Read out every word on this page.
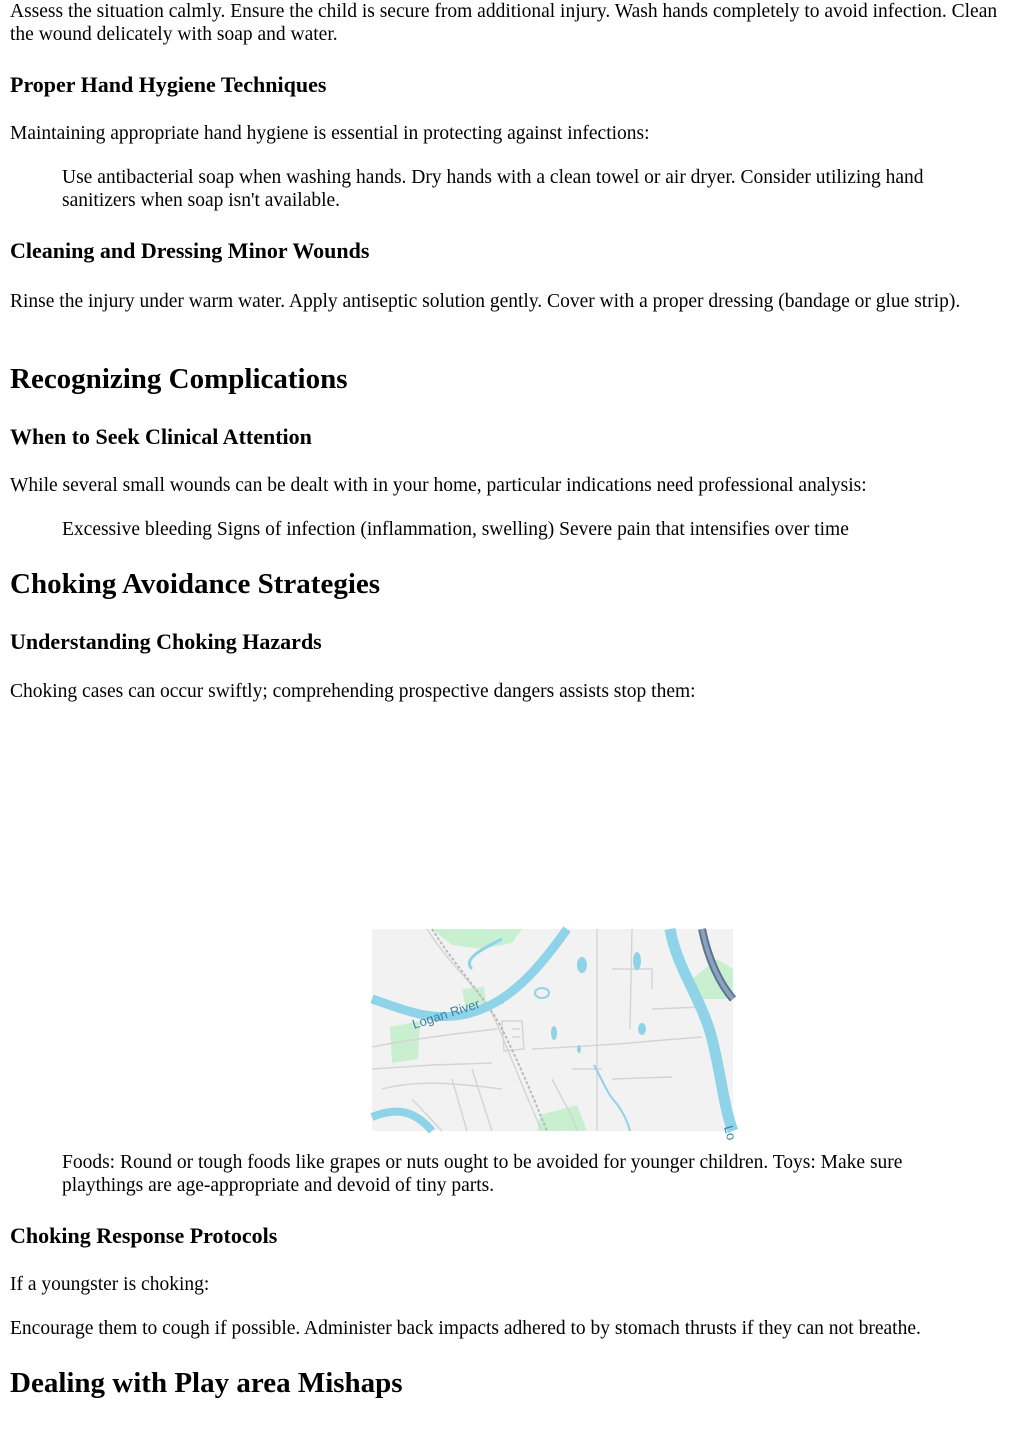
Assess the situation calmly. Ensure the child is secure from additional injury. Wash hands completely to avoid infection. Clean the wound delicately with soap and water.

Proper Hand Hygiene Techniques

Maintaining appropriate hand hygiene is essential in protecting against infections:

Use antibacterial soap when washing hands. Dry hands with a clean towel or air dryer. Consider utilizing hand sanitizers when soap isn't available.
Cleaning and Dressing Minor Wounds

Rinse the injury under warm water. Apply antiseptic solution gently. Cover with a proper dressing (bandage or glue strip).

Recognizing Complications
When to Seek Clinical Attention

While several small wounds can be dealt with in your home, particular indications need professional analysis:

Excessive bleeding Signs of infection (inflammation, swelling) Severe pain that intensifies over time
Choking Avoidance Strategies
Understanding Choking Hazards

Choking cases can occur swiftly; comprehending prospective dangers assists stop them:

Foods: Round or tough foods like grapes or nuts ought to be avoided for younger children. Toys: Make sure playthings are age-appropriate and devoid of tiny parts.
Choking Response Protocols

If a youngster is choking:

Encourage them to cough if possible. Administer back impacts adhered to by stomach thrusts if they can not breathe.

Dealing with Play area Mishaps
Logan River
Lo
